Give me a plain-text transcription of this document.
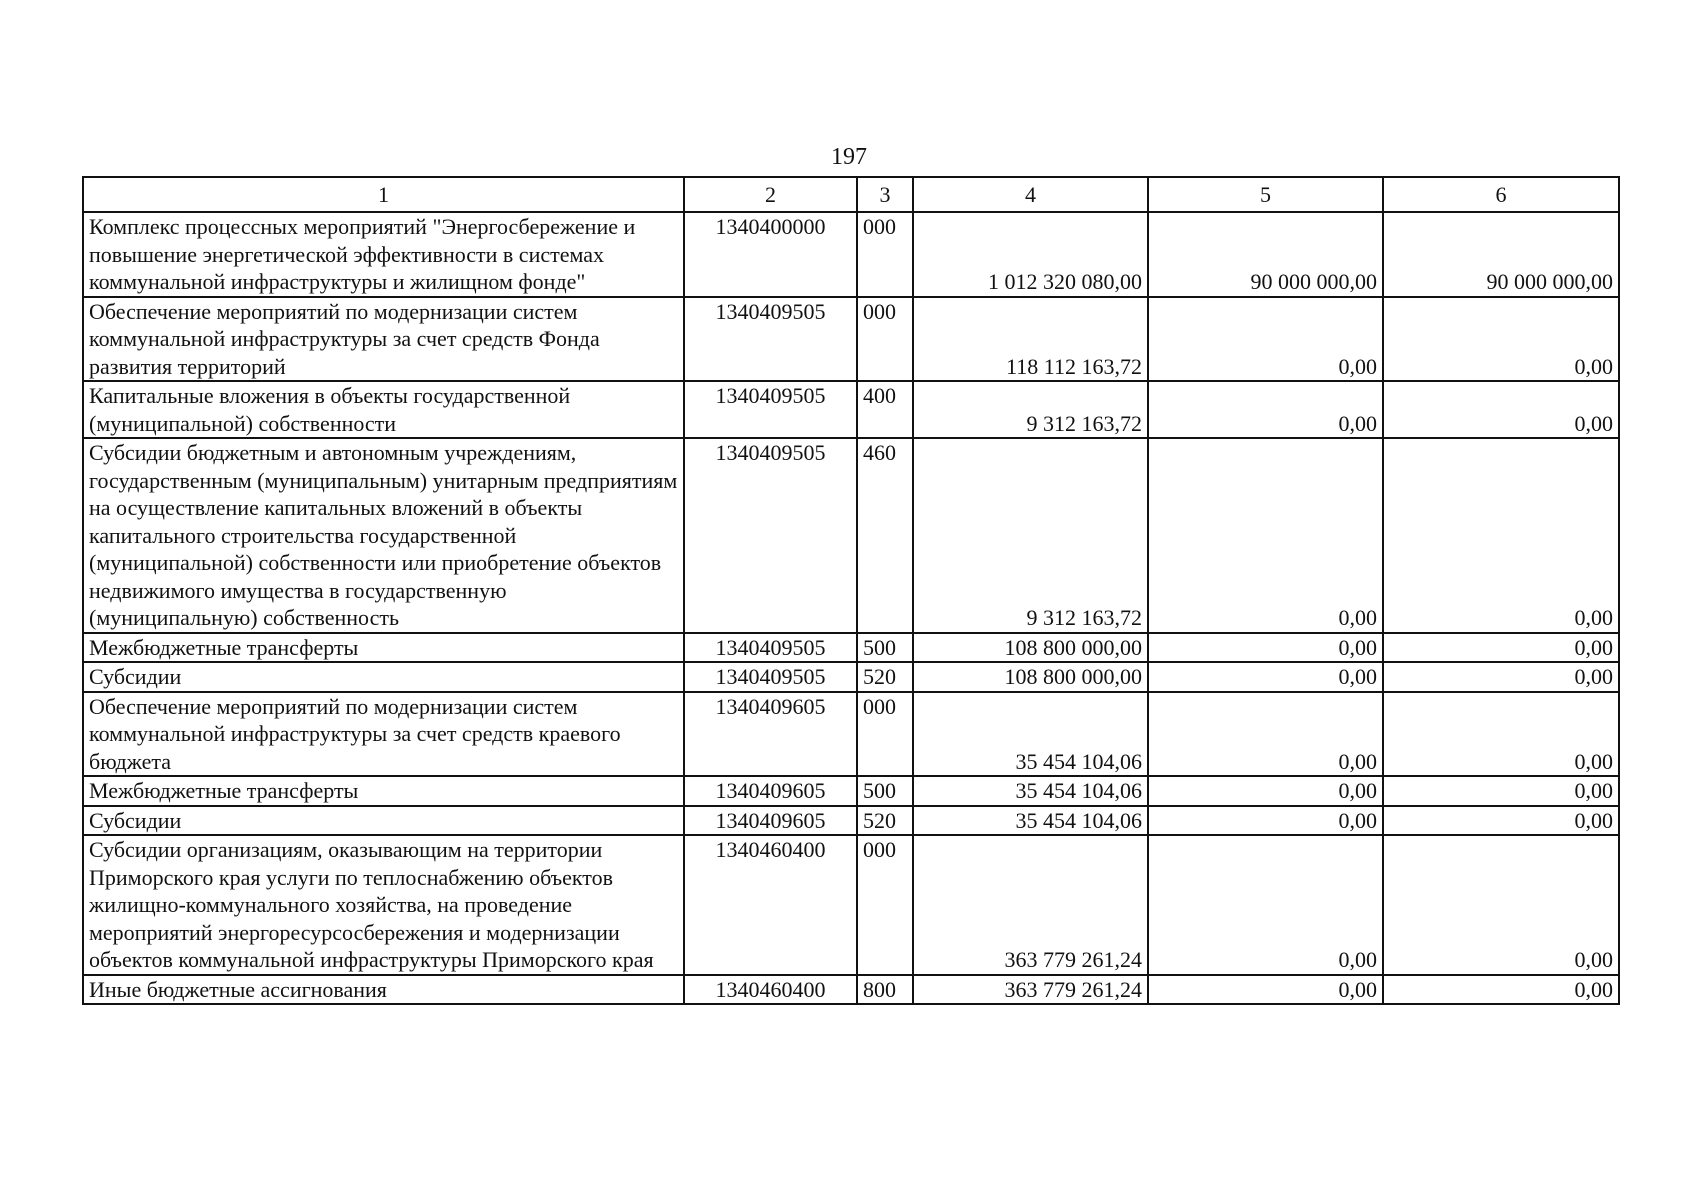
197
1	2	3	4	5	6
Комплекс процессных мероприятий "Энергосбережение и повышение энергетической эффективности в системах коммунальной инфраструктуры и жилищном фонде"	1340400000	000	1 012 320 080,00	90 000 000,00	90 000 000,00
Обеспечение мероприятий по модернизации систем коммунальной инфраструктуры за счет средств Фонда развития территорий	1340409505	000	118 112 163,72	0,00	0,00
Капитальные вложения в объекты государственной (муниципальной) собственности	1340409505	400	9 312 163,72	0,00	0,00
Субсидии бюджетным и автономным учреждениям, государственным (муниципальным) унитарным предприятиям на осуществление капитальных вложений в объекты капитального строительства государственной (муниципальной) собственности или приобретение объектов недвижимого имущества в государственную (муниципальную) собственность	1340409505	460	9 312 163,72	0,00	0,00
Межбюджетные трансферты	1340409505	500	108 800 000,00	0,00	0,00
Субсидии	1340409505	520	108 800 000,00	0,00	0,00
Обеспечение мероприятий по модернизации систем коммунальной инфраструктуры за счет средств краевого бюджета	1340409605	000	35 454 104,06	0,00	0,00
Межбюджетные трансферты	1340409605	500	35 454 104,06	0,00	0,00
Субсидии	1340409605	520	35 454 104,06	0,00	0,00
Субсидии организациям, оказывающим на территории Приморского края услуги по теплоснабжению объектов жилищно-коммунального хозяйства, на проведение мероприятий энергоресурсосбережения и модернизации объектов коммунальной инфраструктуры Приморского края	1340460400	000	363 779 261,24	0,00	0,00
Иные бюджетные ассигнования	1340460400	800	363 779 261,24	0,00	0,00
